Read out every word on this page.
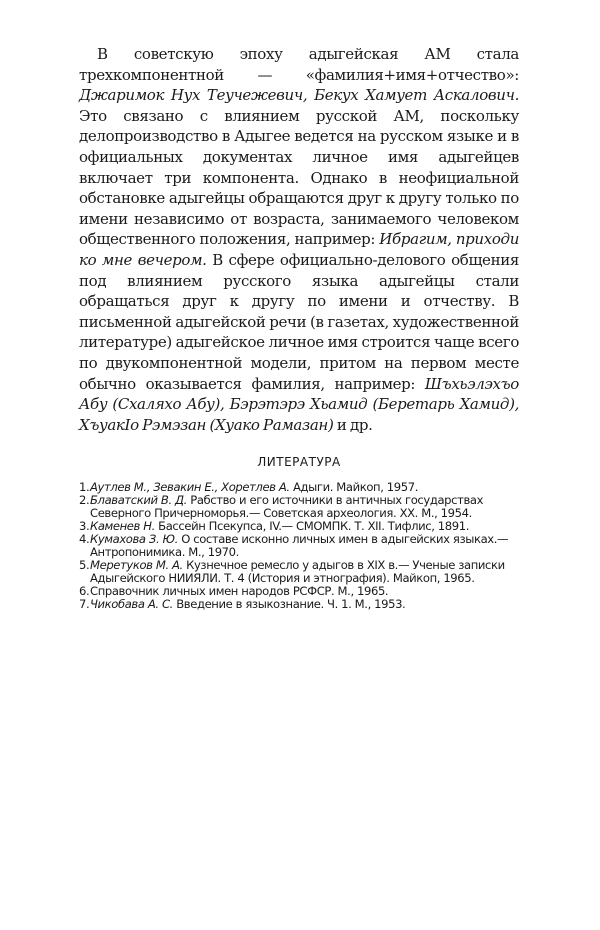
В советскую эпоху адыгейская АМ стала трехкомпонентной — «фамилия+имя+отчество»: Джаримок Нух Теучежевич, Бекух Хамует Аскалович. Это связано с влиянием русской АМ, поскольку делопроизводство в Адыгее ведется на русском языке и в официальных документах личное имя адыгейцев включает три компонента. Однако в неофициальной обстановке адыгейцы обращаются друг к другу только по имени независимо от возраста, занимаемого человеком общественного положения, например: Ибрагим, приходи ко мне вечером. В сфере официально-делового общения под влиянием русского языка адыгейцы стали обращаться друг к другу по имени и отчеству. В письменной адыгейской речи (в газетах, художественной литературе) адыгейское личное имя строится чаще всего по двукомпонентной модели, притом на первом месте обычно оказывается фамилия, например: Шъхьэлэхъо Абу (Схаляхо Абу), Бэрэтэрэ Хьамид (Беретарь Хамид), ХъуакIо Рэмэзан (Хуако Рамазан) и др.

ЛИТЕРАТУРА
1. Аутлев М., Зевакин Е., Хоретлев А. Адыги. Майкоп, 1957.
2. Блаватский В. Д. Рабство и его источники в античных государствах Северного Причерноморья.— Советская археология. XX. М., 1954.
3. Каменев Н. Бассейн Псекупса, IV.— СМОМПК. Т. XII. Тифлис, 1891.
4. Кумахова З. Ю. О составе исконно личных имен в адыгейских языках.— Антропонимика. М., 1970.
5. Меретуков М. А. Кузнечное ремесло у адыгов в XIX в.— Ученые записки Адыгейского НИИЯЛИ. Т. 4 (История и этнография). Майкоп, 1965.
6. Справочник личных имен народов РСФСР. М., 1965.
7. Чикобава А. С. Введение в языкознание. Ч. 1. М., 1953.
